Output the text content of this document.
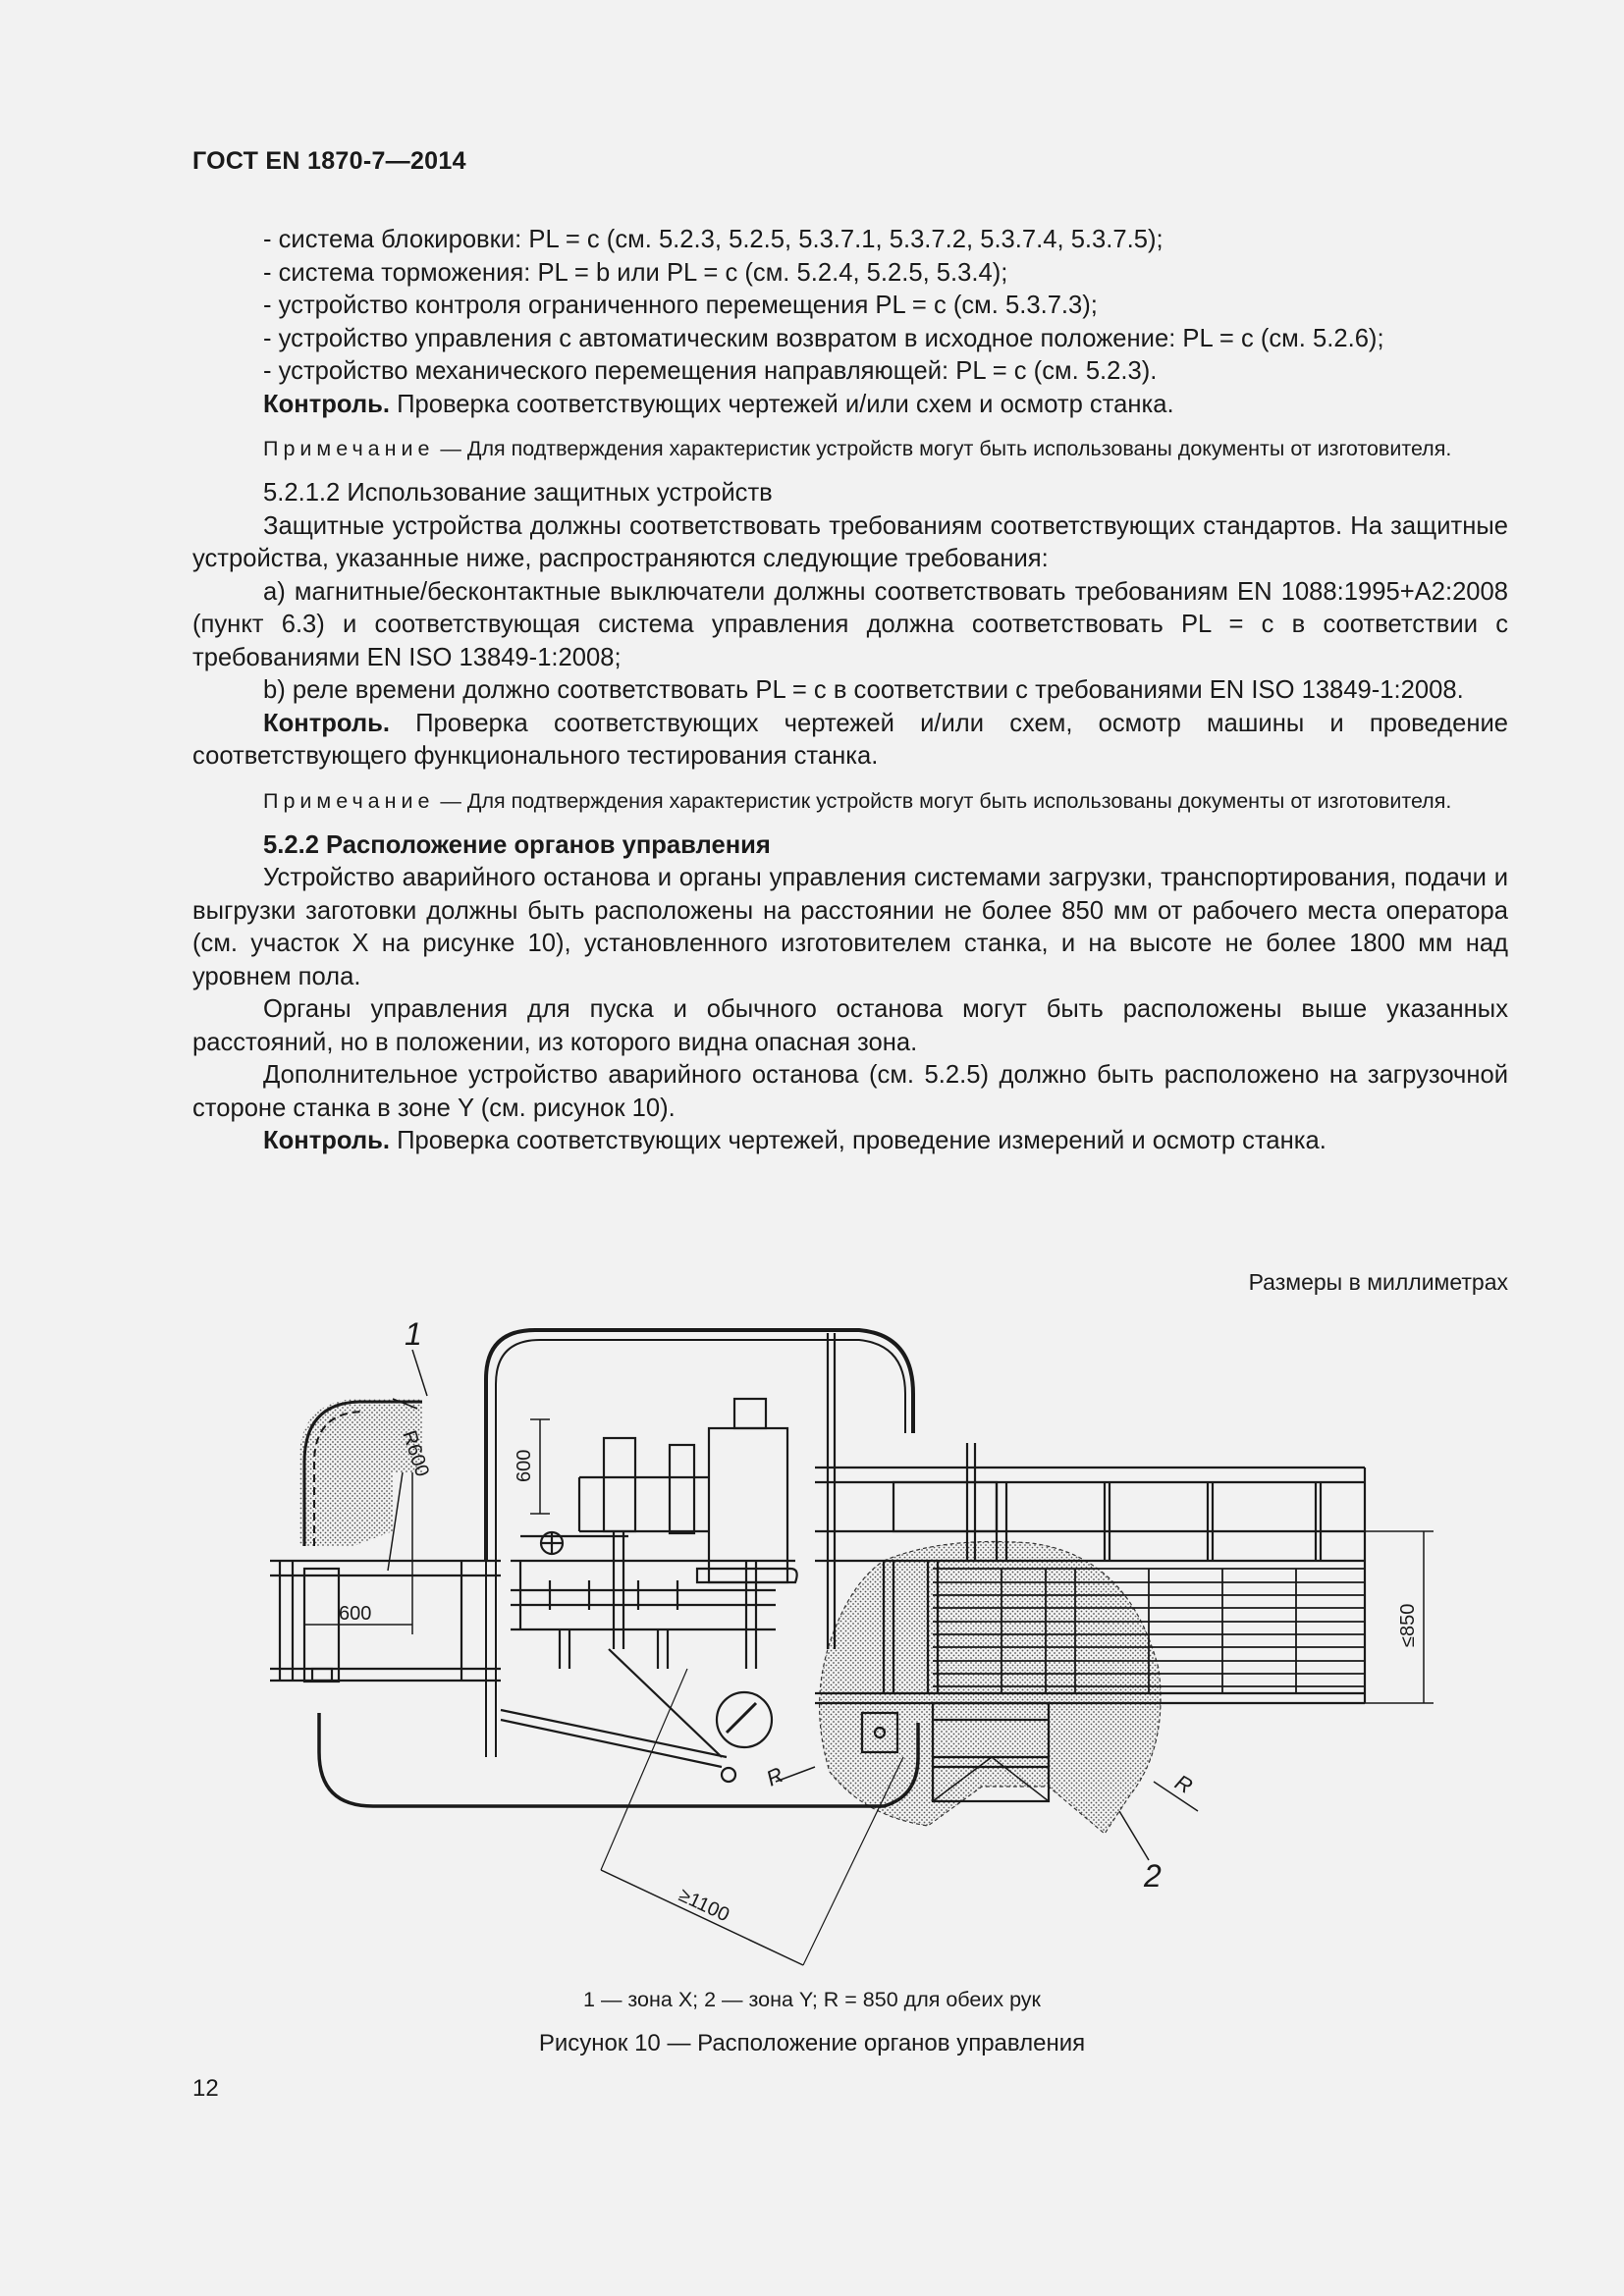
ГОСТ EN 1870-7—2014

- система блокировки: PL = c (см. 5.2.3, 5.2.5, 5.3.7.1, 5.3.7.2, 5.3.7.4, 5.3.7.5);

- система торможения: PL = b или PL = c (см. 5.2.4, 5.2.5, 5.3.4);

- устройство контроля ограниченного перемещения PL = c (см. 5.3.7.3);

- устройство управления с автоматическим возвратом в исходное положение: PL = c (см. 5.2.6);

- устройство механического перемещения направляющей: PL = c (см. 5.2.3).

Контроль. Проверка соответствующих чертежей и/или схем и осмотр станка.

Примечание — Для подтверждения характеристик устройств могут быть использованы документы от изготовителя.

5.2.1.2 Использование защитных устройств

Защитные устройства должны соответствовать требованиям соответствующих стандартов. На защитные устройства, указанные ниже, распространяются следующие требования:

а) магнитные/бесконтактные выключатели должны соответствовать требованиям EN 1088:1995+A2:2008 (пункт 6.3) и соответствующая система управления должна соответствовать PL = c в соответствии с требованиями EN ISO 13849-1:2008;

b) реле времени должно соответствовать PL = c в соответствии с требованиями EN ISO 13849-1:2008.

Контроль. Проверка соответствующих чертежей и/или схем, осмотр машины и проведение соответствующего функционального тестирования станка.

Примечание — Для подтверждения характеристик устройств могут быть использованы документы от изготовителя.

5.2.2 Расположение органов управления

Устройство аварийного останова и органы управления системами загрузки, транспортирования, подачи и выгрузки заготовки должны быть расположены на расстоянии не более 850 мм от рабочего места оператора (см. участок X на рисунке 10), установленного изготовителем станка, и на высоте не более 1800 мм над уровнем пола.

Органы управления для пуска и обычного останова могут быть расположены выше указанных расстояний, но в положении, из которого видна опасная зона.

Дополнительное устройство аварийного останова (см. 5.2.5) должно быть расположено на загрузочной стороне станка в зоне Y (см. рисунок 10).

Контроль. Проверка соответствующих чертежей, проведение измерений и осмотр станка.

Размеры в миллиметрах
1
2
R600	600
600	≤850
≥1100
R	R
1 — зона X; 2 — зона Y; R = 850 для обеих рук
Рисунок 10 — Расположение органов управления
12
